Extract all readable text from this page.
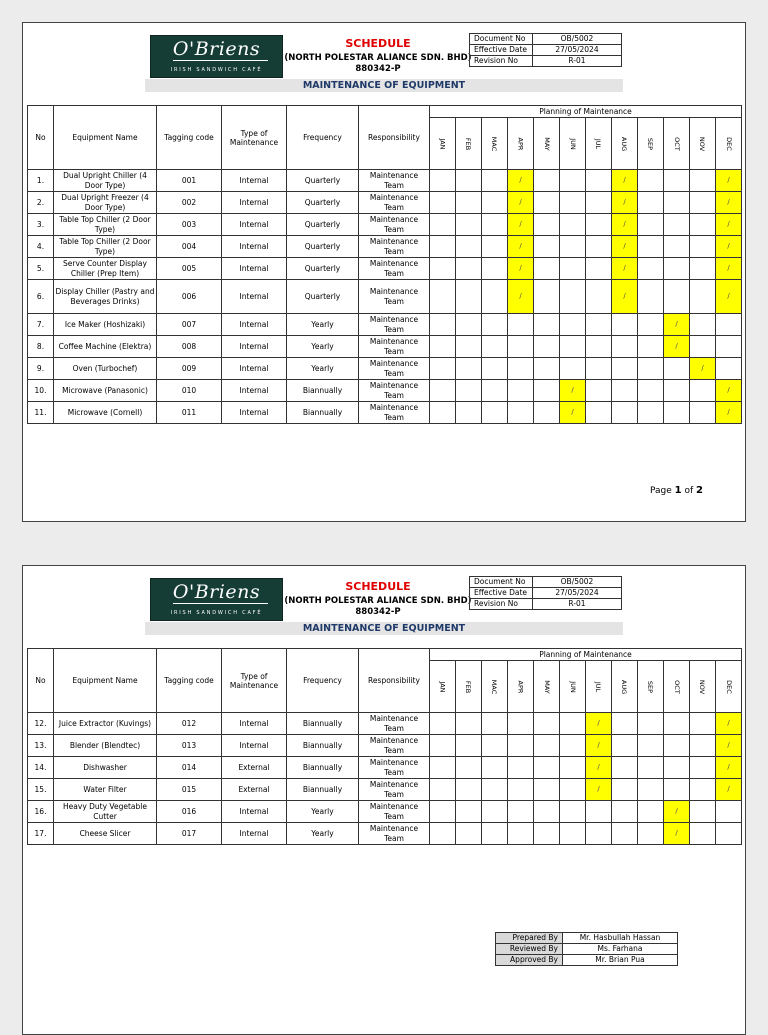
O'Briens
IRISH SANDWICH CAFÉ
SCHEDULE
(NORTH POLESTAR ALIANCE SDN. BHD)
880342-P
Document No	OB/5002
Effective Date	27/05/2024
Revision No	R-01
MAINTENANCE OF EQUIPMENT
No	Equipment Name	Tagging code	Type of Maintenance	Frequency	Responsibility	Planning of Maintenance											
						JAN	FEB	MAC	APR	MAY	JUN	JUL	AUG	SEP	OCT	NOV	DEC
1.	Dual Upright Chiller (4 Door Type)	001	Internal	Quarterly	Maintenance Team				/				/				/
2.	Dual Upright Freezer (4 Door Type)	002	Internal	Quarterly	Maintenance Team				/				/				/
3.	Table Top Chiller (2 Door Type)	003	Internal	Quarterly	Maintenance Team				/				/				/
4.	Table Top Chiller (2 Door Type)	004	Internal	Quarterly	Maintenance Team				/				/				/
5.	Serve Counter Display Chiller (Prep Item)	005	Internal	Quarterly	Maintenance Team				/				/				/
6.	Display Chiller (Pastry and Beverages Drinks)	006	Internal	Quarterly	Maintenance Team				/				/				/
7.	Ice Maker (Hoshizaki)	007	Internal	Yearly	Maintenance Team										/		
8.	Coffee Machine (Elektra)	008	Internal	Yearly	Maintenance Team										/		
9.	Oven (Turbochef)	009	Internal	Yearly	Maintenance Team											/	
10.	Microwave (Panasonic)	010	Internal	Biannually	Maintenance Team						/						/
11.	Microwave (Cornell)	011	Internal	Biannually	Maintenance Team						/						/
Page 1 of 2
O'Briens
IRISH SANDWICH CAFÉ
SCHEDULE
(NORTH POLESTAR ALIANCE SDN. BHD)
880342-P
Document No	OB/5002
Effective Date	27/05/2024
Revision No	R-01
MAINTENANCE OF EQUIPMENT
No	Equipment Name	Tagging code	Type of Maintenance	Frequency	Responsibility	Planning of Maintenance											
						JAN	FEB	MAC	APR	MAY	JUN	JUL	AUG	SEP	OCT	NOV	DEC
12.	Juice Extractor (Kuvings)	012	Internal	Biannually	Maintenance Team							/					/
13.	Blender (Blendtec)	013	Internal	Biannually	Maintenance Team							/					/
14.	Dishwasher	014	External	Biannually	Maintenance Team							/					/
15.	Water Filter	015	External	Biannually	Maintenance Team							/					/
16.	Heavy Duty Vegetable Cutter	016	Internal	Yearly	Maintenance Team										/		
17.	Cheese Slicer	017	Internal	Yearly	Maintenance Team										/		
Prepared By	Mr. Hasbullah Hassan
Reviewed By	Ms. Farhana
Approved By	Mr. Brian Pua
